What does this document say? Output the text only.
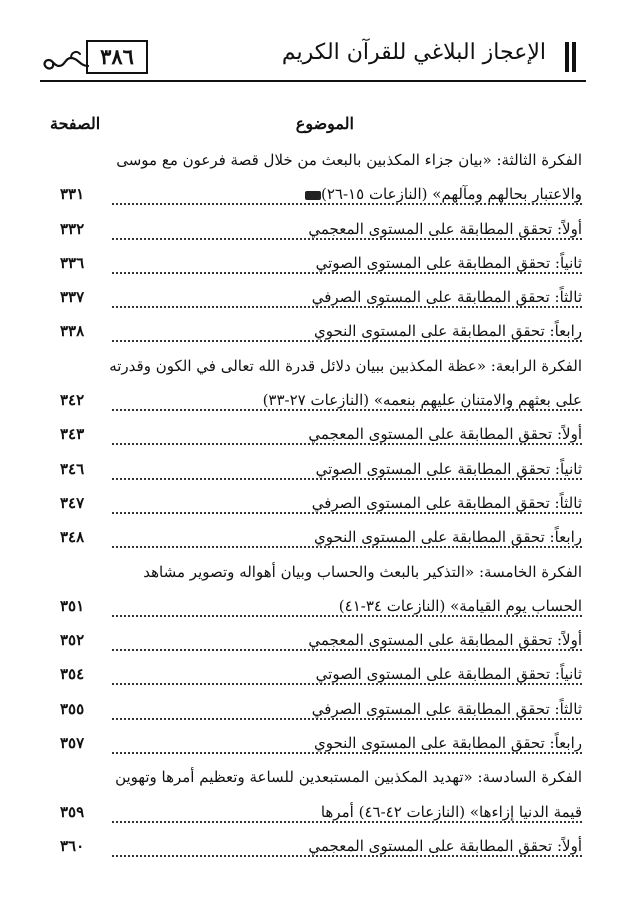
الإعجاز البلاغي للقرآن الكريم
٣٨٦
الموضوع
الصفحة
الفكرة الثالثة: «بيان جزاء المكذبين بالبعث من خلال قصة فرعون مع موسى
والاعتبار بحالهم ومآلهم» (النازعات ١٥-٢٦)
٣٣١
أولاً: تحقق المطابقة على المستوى المعجمي
٣٣٢
ثانياً: تحقق المطابقة على المستوى الصوتي
٣٣٦
ثالثاً: تحقق المطابقة على المستوى الصرفي
٣٣٧
رابعاً: تحقق المطابقة على المستوى النحوي
٣٣٨
الفكرة الرابعة: «عظة المكذبين ببيان دلائل قدرة الله تعالى في الكون وقدرته
على بعثهم والامتنان عليهم بنعمه» (النازعات ٢٧-٣٣)
٣٤٢
أولاً: تحقق المطابقة على المستوى المعجمي
٣٤٣
ثانياً: تحقق المطابقة على المستوى الصوتي
٣٤٦
ثالثاً: تحقق المطابقة على المستوى الصرفي
٣٤٧
رابعاً: تحقق المطابقة على المستوى النحوي
٣٤٨
الفكرة الخامسة: «التذكير بالبعث والحساب وبيان أهواله وتصوير مشاهد
الحساب يوم القيامة» (النازعات ٣٤-٤١)
٣٥١
أولاً: تحقق المطابقة على المستوى المعجمي
٣٥٢
ثانياً: تحقق المطابقة على المستوى الصوتي
٣٥٤
ثالثاً: تحقق المطابقة على المستوى الصرفي
٣٥٥
رابعاً: تحقق المطابقة على المستوى النحوي
٣٥٧
الفكرة السادسة: «تهديد المكذبين المستبعدين للساعة وتعظيم أمرها وتهوين
قيمة الدنيا إزاءها» (النازعات ٤٢-٤٦) أمرها
٣٥٩
أولاً: تحقق المطابقة على المستوى المعجمي
٣٦٠
